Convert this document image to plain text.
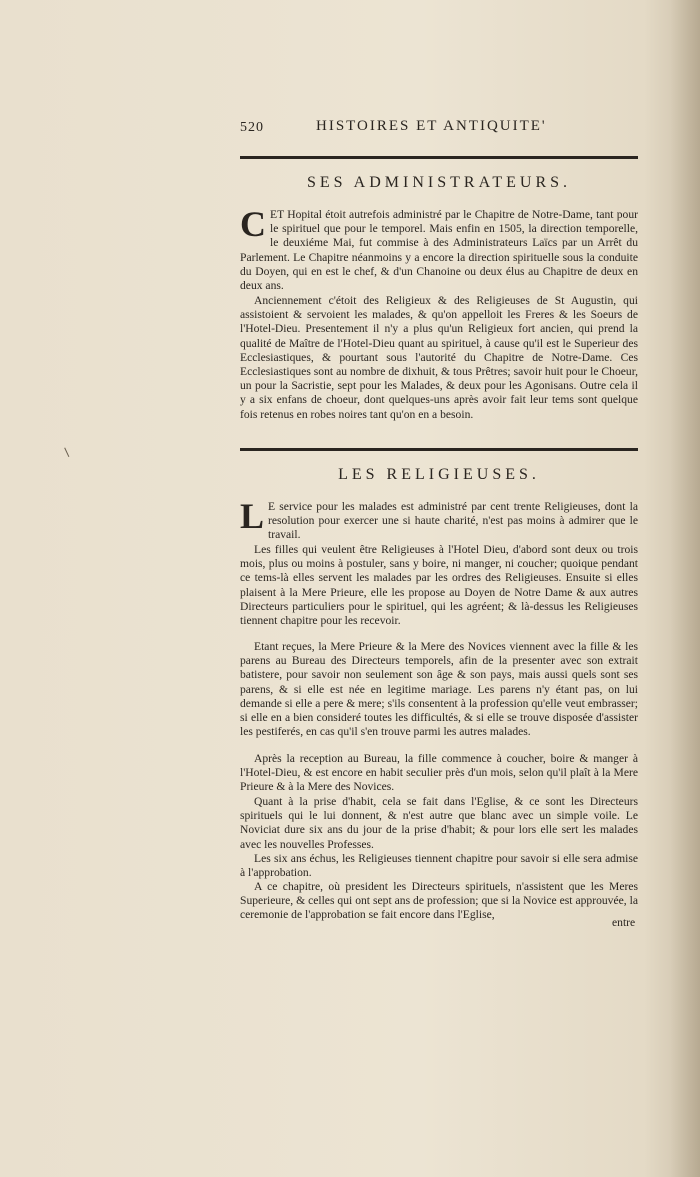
520	HISTOIRES ET ANTIQUITE'
SES ADMINISTRATEURS.

CET Hopital étoit autrefois administré par le Chapitre de Notre-Dame, tant pour le spirituel que pour le temporel. Mais enfin en 1505, la direction temporelle, le deuxiéme Mai, fut commise à des Administrateurs Laïcs par un Arrêt du Parlement. Le Chapitre néanmoins y a encore la direction spirituelle sous la conduite du Doyen, qui en est le chef, & d'un Chanoine ou deux élus au Chapitre de deux en deux ans.

Anciennement c'étoit des Religieux & des Religieuses de St Augustin, qui assistoient & servoient les malades, & qu'on appelloit les Freres & les Soeurs de l'Hotel-Dieu. Presentement il n'y a plus qu'un Religieux fort ancien, qui prend la qualité de Maître de l'Hotel-Dieu quant au spirituel, à cause qu'il est le Superieur des Ecclesiastiques, & pourtant sous l'autorité du Chapitre de Notre-Dame. Ces Ecclesiastiques sont au nombre de dixhuit, & tous Prêtres; savoir huit pour le Choeur, un pour la Sacristie, sept pour les Malades, & deux pour les Agonisans. Outre cela il y a six enfans de choeur, dont quelques-uns après avoir fait leur tems sont quelque fois retenus en robes noires tant qu'on en a besoin.

LES RELIGIEUSES.

L E service pour les malades est administré par cent trente Religieuses, dont la resolution pour exercer une si haute charité, n'est pas moins à admirer que le travail.

Les filles qui veulent être Religieuses à l'Hotel Dieu, d'abord sont deux ou trois mois, plus ou moins à postuler, sans y boire, ni manger, ni coucher; quoique pendant ce tems-là elles servent les malades par les ordres des Religieuses. Ensuite si elles plaisent à la Mere Prieure, elle les propose au Doyen de Notre Dame & aux autres Directeurs particuliers pour le spirituel, qui les agréent; & là-dessus les Religieuses tiennent chapitre pour les recevoir.

Etant reçues, la Mere Prieure & la Mere des Novices viennent avec la fille & les parens au Bureau des Directeurs temporels, afin de la presenter avec son extrait batistere, pour savoir non seulement son âge & son pays, mais aussi quels sont ses parens, & si elle est née en legitime mariage. Les parens n'y étant pas, on lui demande si elle a pere & mere; s'ils consentent à la profession qu'elle veut embrasser; si elle en a bien consideré toutes les difficultés, & si elle se trouve disposée d'assister les pestiferés, en cas qu'il s'en trouve parmi les autres malades.

Après la reception au Bureau, la fille commence à coucher, boire & manger à l'Hotel-Dieu, & est encore en habit seculier près d'un mois, selon qu'il plaît à la Mere Prieure & à la Mere des Novices.

Quant à la prise d'habit, cela se fait dans l'Eglise, & ce sont les Directeurs spirituels qui le lui donnent, & n'est autre que blanc avec un simple voile. Le Noviciat dure six ans du jour de la prise d'habit; & pour lors elle sert les malades avec les nouvelles Professes.

Les six ans échus, les Religieuses tiennent chapitre pour savoir si elle sera admise à l'approbation.

A ce chapitre, où president les Directeurs spirituels, n'assistent que les Meres Superieure, & celles qui ont sept ans de profession; que si la Novice est approuvée, la ceremonie de l'approbation se fait encore dans l'Eglise,

entre
